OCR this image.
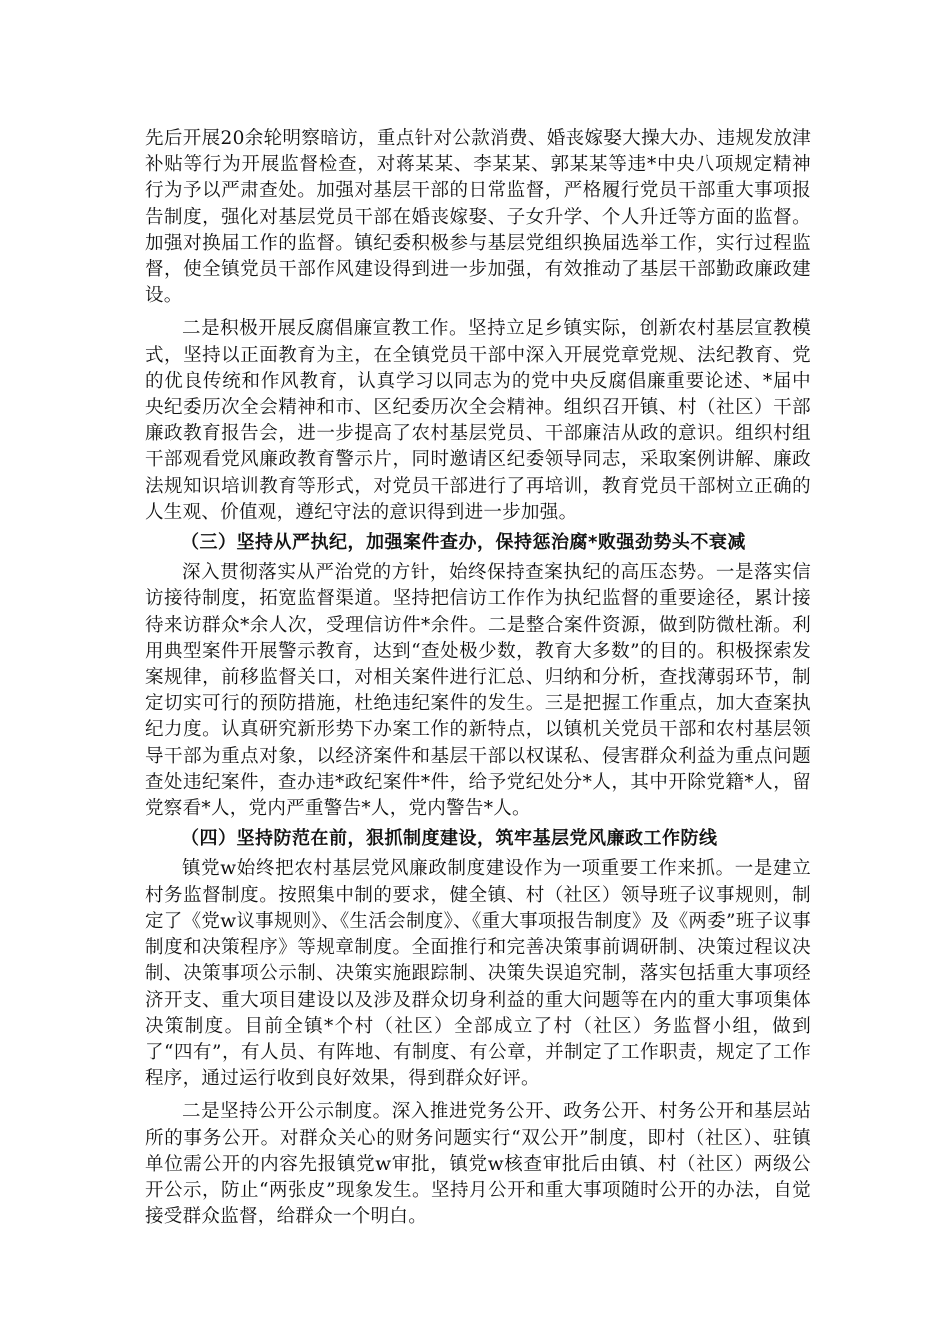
先后开展20余轮明察暗访，重点针对公款消费、婚丧嫁娶大操大办、违规发放津补贴等行为开展监督检查，对蒋某某、李某某、郭某某等违*中央八项规定精神行为予以严肃查处。加强对基层干部的日常监督，严格履行党员干部重大事项报告制度，强化对基层党员干部在婚丧嫁娶、子女升学、个人升迁等方面的监督。加强对换届工作的监督。镇纪委积极参与基层党组织换届选举工作，实行过程监督，使全镇党员干部作风建设得到进一步加强，有效推动了基层干部勤政廉政建设。

二是积极开展反腐倡廉宣教工作。坚持立足乡镇实际，创新农村基层宣教模式，坚持以正面教育为主，在全镇党员干部中深入开展党章党规、法纪教育、党的优良传统和作风教育，认真学习以同志为的党中央反腐倡廉重要论述、*届中央纪委历次全会精神和市、区纪委历次全会精神。组织召开镇、村（社区）干部廉政教育报告会，进一步提高了农村基层党员、干部廉洁从政的意识。组织村组干部观看党风廉政教育警示片，同时邀请区纪委领导同志，采取案例讲解、廉政法规知识培训教育等形式，对党员干部进行了再培训，教育党员干部树立正确的人生观、价值观，遵纪守法的意识得到进一步加强。

（三）坚持从严执纪，加强案件查办，保持惩治腐*败强劲势头不衰减

深入贯彻落实从严治党的方针，始终保持查案执纪的高压态势。一是落实信访接待制度，拓宽监督渠道。坚持把信访工作作为执纪监督的重要途径，累计接待来访群众*余人次，受理信访件*余件。二是整合案件资源，做到防微杜渐。利用典型案件开展警示教育，达到“查处极少数，教育大多数”的目的。积极探索发案规律，前移监督关口，对相关案件进行汇总、归纳和分析，查找薄弱环节，制定切实可行的预防措施，杜绝违纪案件的发生。三是把握工作重点，加大查案执纪力度。认真研究新形势下办案工作的新特点，以镇机关党员干部和农村基层领导干部为重点对象，以经济案件和基层干部以权谋私、侵害群众利益为重点问题查处违纪案件，查办违*政纪案件*件，给予党纪处分*人，其中开除党籍*人，留党察看*人，党内严重警告*人，党内警告*人。

（四）坚持防范在前，狠抓制度建设，筑牢基层党风廉政工作防线

镇党w始终把农村基层党风廉政制度建设作为一项重要工作来抓。一是建立村务监督制度。按照集中制的要求，健全镇、村（社区）领导班子议事规则，制定了《党w议事规则》、《生活会制度》、《重大事项报告制度》及《两委”班子议事制度和决策程序》等规章制度。全面推行和完善决策事前调研制、决策过程议决制、决策事项公示制、决策实施跟踪制、决策失误追究制，落实包括重大事项经济开支、重大项目建设以及涉及群众切身利益的重大问题等在内的重大事项集体决策制度。目前全镇*个村（社区）全部成立了村（社区）务监督小组，做到了“四有”，有人员、有阵地、有制度、有公章，并制定了工作职责，规定了工作程序，通过运行收到良好效果，得到群众好评。

二是坚持公开公示制度。深入推进党务公开、政务公开、村务公开和基层站所的事务公开。对群众关心的财务问题实行“双公开”制度，即村（社区）、驻镇单位需公开的内容先报镇党w审批，镇党w核查审批后由镇、村（社区）两级公开公示，防止“两张皮”现象发生。坚持月公开和重大事项随时公开的办法，自觉接受群众监督，给群众一个明白。
